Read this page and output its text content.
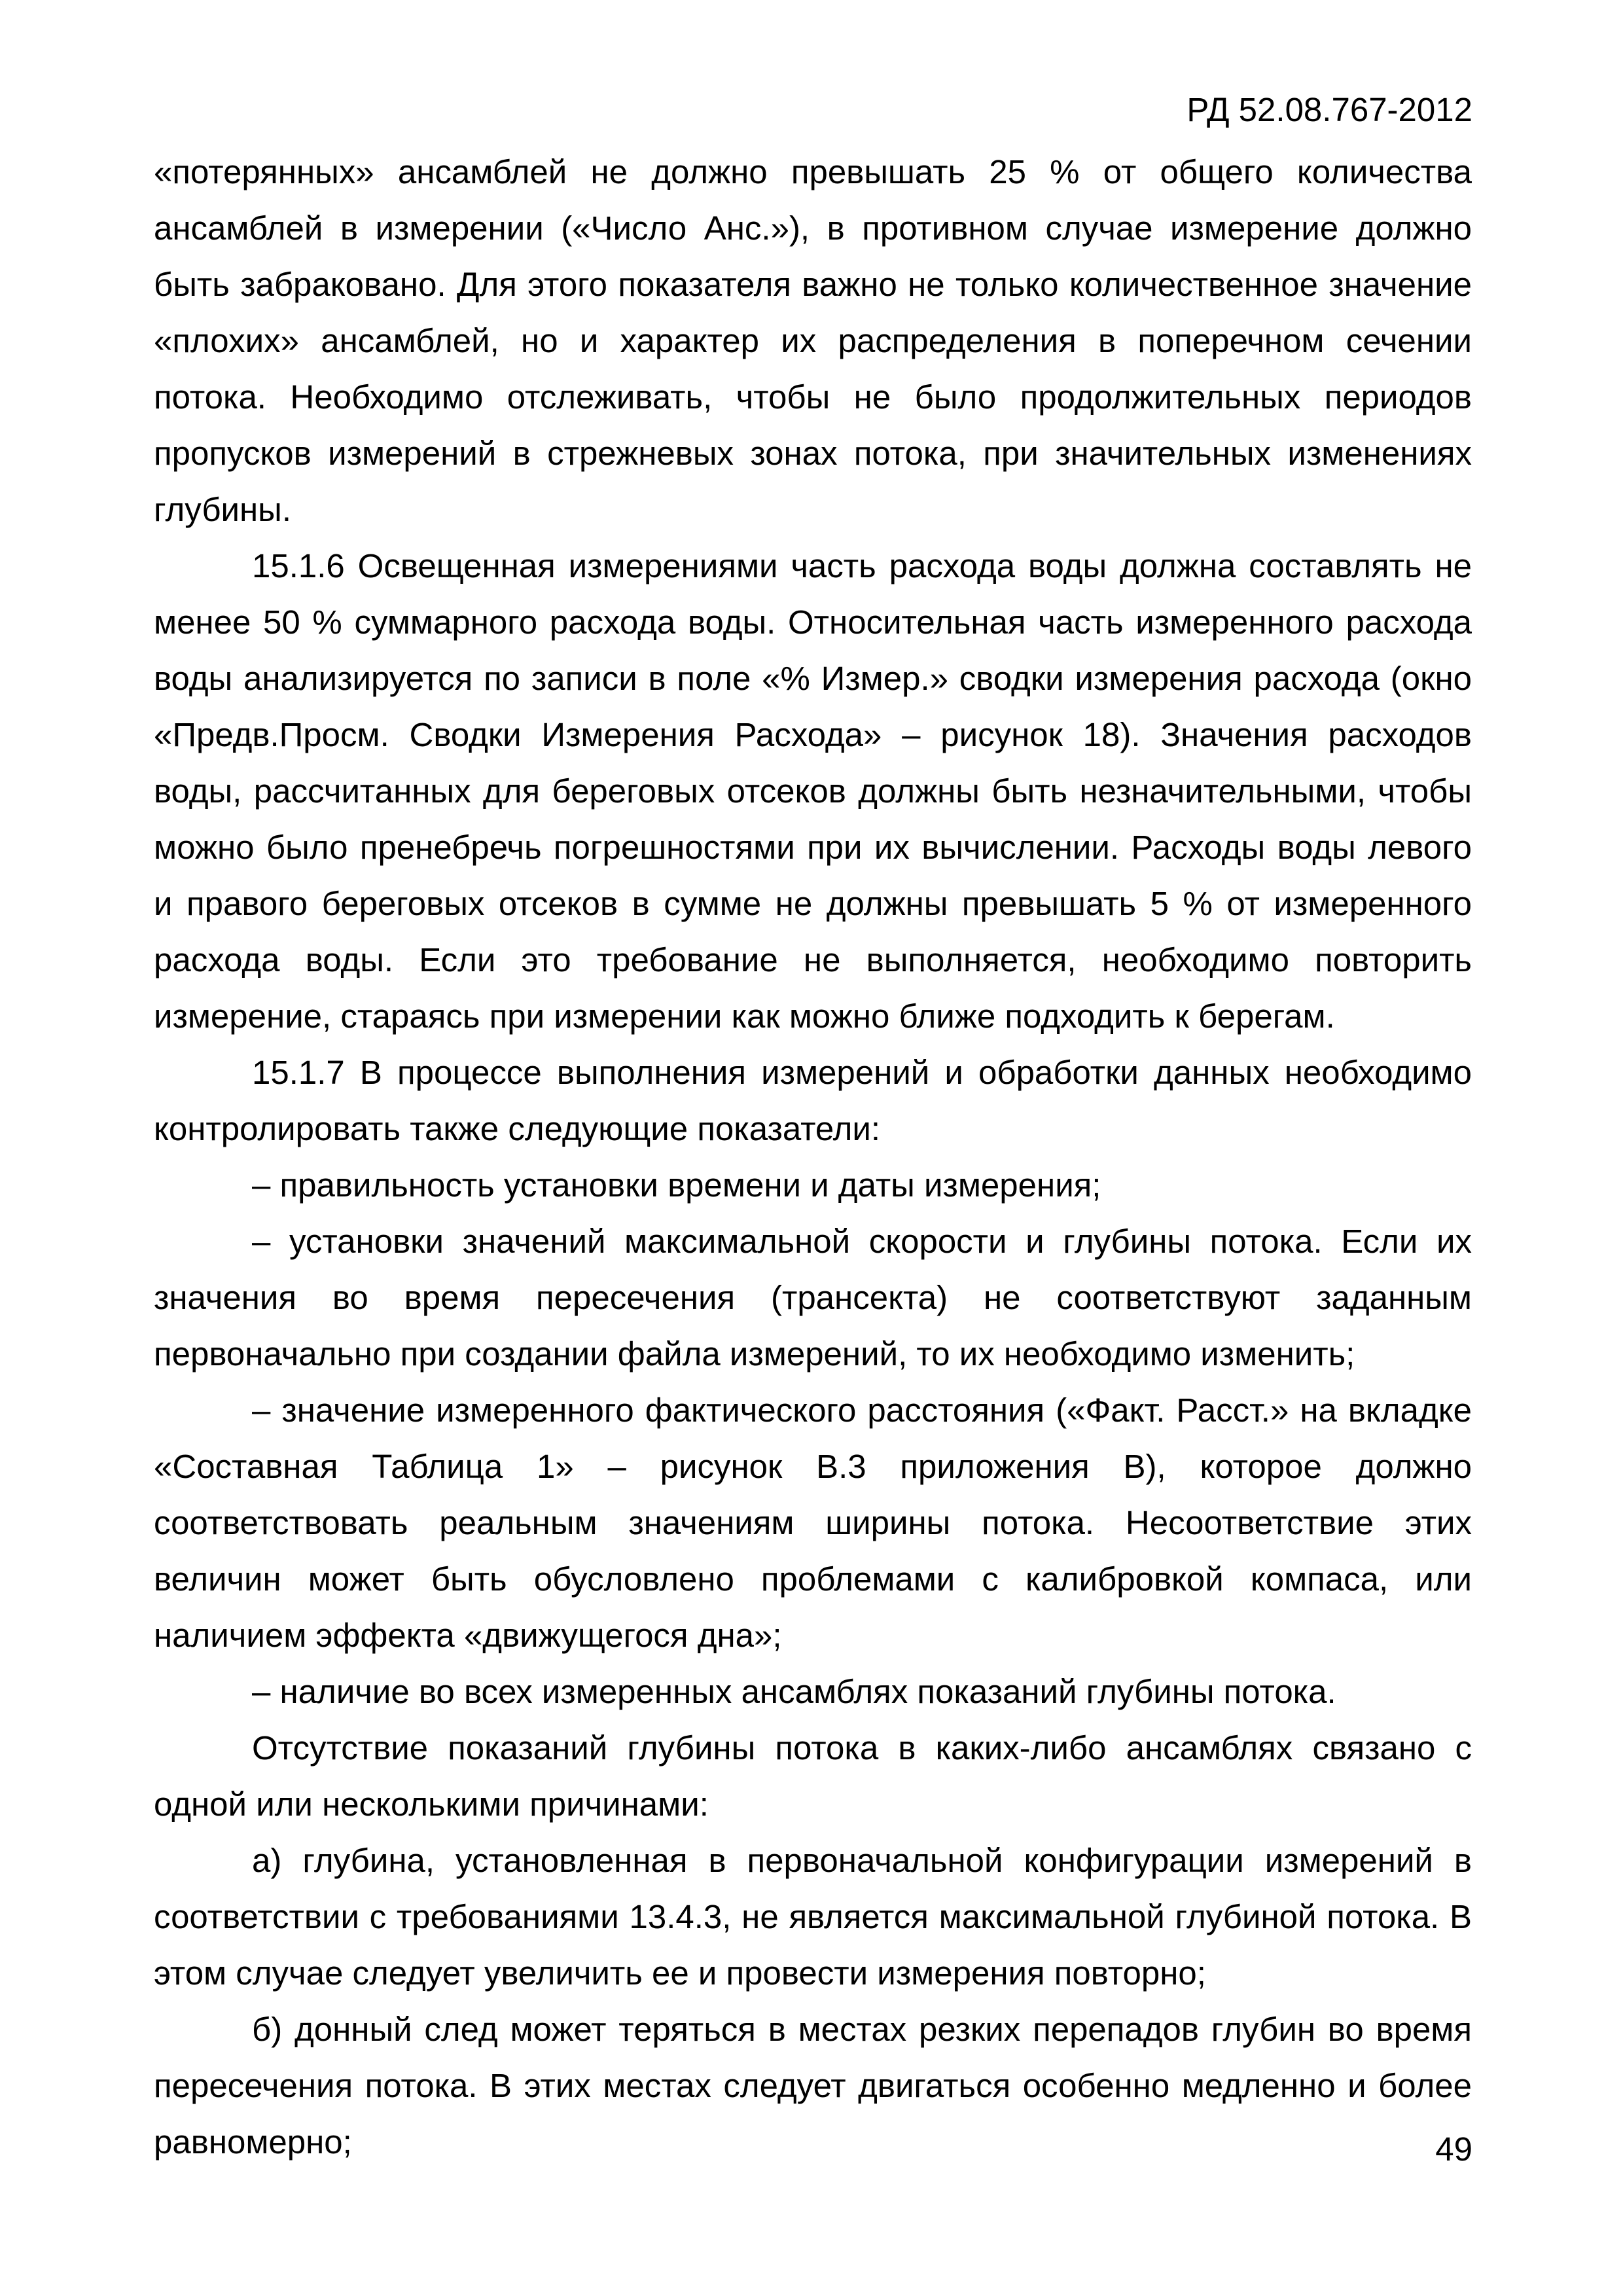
РД 52.08.767-2012

«потерянных» ансамблей не должно превышать 25 % от общего количества ансамблей в измерении («Число Анс.»), в противном случае измерение должно быть забраковано. Для этого показателя важно не только количественное значение «плохих» ансамблей, но и характер их распределения в поперечном сечении потока. Необходимо отслеживать, чтобы не было продолжительных периодов пропусков измерений в стрежневых зонах потока, при значительных изменениях глубины.

15.1.6 Освещенная измерениями часть расхода воды должна составлять не менее 50 % суммарного расхода воды. Относительная часть измеренного расхода воды анализируется по записи в поле «% Измер.» сводки измерения расхода (окно «Предв.Просм. Сводки Измерения Расхода» – рисунок 18). Значения расходов воды, рассчитанных для береговых отсеков должны быть незначительными, чтобы можно было пренебречь погрешностями при их вычислении. Расходы воды левого и правого береговых отсеков в сумме не должны превышать 5 % от измеренного расхода воды. Если это требование не выполняется, необходимо повторить измерение, стараясь при измерении как можно ближе подходить к берегам.

15.1.7 В процессе выполнения измерений и обработки данных необходимо контролировать также следующие показатели:

– правильность установки времени и даты измерения;

– установки значений максимальной скорости и глубины потока. Если их значения во время пересечения (трансекта) не соответствуют заданным первоначально при создании файла измерений, то их необходимо изменить;

– значение измеренного фактического расстояния («Факт. Расст.» на вкладке «Составная Таблица 1» – рисунок В.3 приложения В), которое должно соответствовать реальным значениям ширины потока. Несоответствие этих величин может быть обусловлено проблемами с калибровкой компаса, или наличием эффекта «движущегося дна»;

– наличие во всех измеренных ансамблях показаний глубины потока.

Отсутствие показаний глубины потока в каких-либо ансамблях связано с одной или несколькими причинами:

а) глубина, установленная в первоначальной конфигурации измерений в соответствии с требованиями 13.4.3, не является максимальной глубиной потока. В этом случае следует увеличить ее и провести измерения повторно;

б) донный след может теряться в местах резких перепадов глубин во время пересечения потока. В этих местах следует двигаться особенно медленно и более равномерно;	49
